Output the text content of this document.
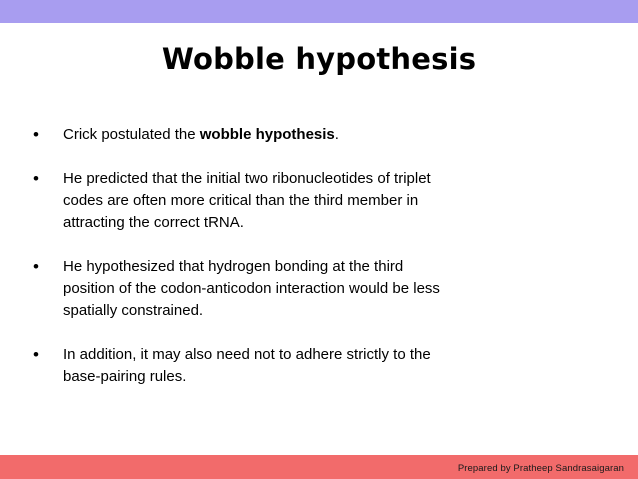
Wobble hypothesis
• Crick postulated the wobble hypothesis.
• He predicted that the initial two ribonucleotides of triplet codes are often more critical than the third member in attracting the correct tRNA.
• He hypothesized that hydrogen bonding at the third position of the codon-anticodon interaction would be less spatially constrained.
• In addition, it may also need not to adhere strictly to the base-pairing rules.
Prepared by Pratheep Sandrasaigaran
